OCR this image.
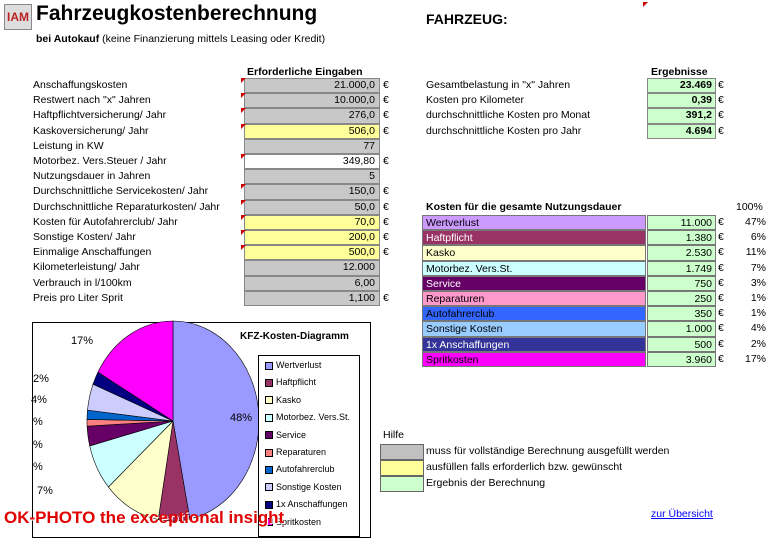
IAM Fahrzeugkostenberechnung
bei Autokauf (keine Finanzierung mittels Leasing oder Kredit)
FAHRZEUG:
Erforderliche Eingaben
Anschaffungskosten	21.000,0 €
Restwert nach "x" Jahren	10.000,0 €
Haftpflichtversicherung/ Jahr	276,0 €
Kaskoversicherung/ Jahr	506,0 €
Leistung in KW	77
Motorbez. Vers.Steuer / Jahr	349,80 €
Nutzungsdauer in Jahren	5
Durchschnittliche Servicekosten/ Jahr	150,0 €
Durchschnittliche Reparaturkosten/ Jahr	50,0 €
Kosten für Autofahrerclub/ Jahr	70,0 €
Sonstige Kosten/ Jahr	200,0 €
Einmalige Anschaffungen	500,0 €
Kilometerleistung/ Jahr	12.000
Verbrauch in l/100km	6,00
Preis pro Liter Sprit	1,100 €
Ergebnisse
Gesamtbelastung in "x" Jahren	23.469 €
Kosten pro Kilometer	0,39 €
durchschnittliche Kosten pro Monat	391,2 €
durchschnittliche Kosten pro Jahr	4.694 €
Kosten für die gesamte Nutzungsdauer	100%
Wertverlust	11.000 €	47%
Haftpflicht	1.380 €	6%
Kasko	2.530 €	11%
Motorbez. Vers.St.	1.749 €	7%
Service	750 €	3%
Reparaturen	250 €	1%
Autofahrerclub	350 €	1%
Sonstige Kosten	1.000 €	4%
1x Anschaffungen	500 €	2%
Spritkosten	3.960 €	17%
17%
2%
4%
%
%
%
7%
48%
KFZ-Kosten-Diagramm
Wertverlust
Haftpflicht
Kasko
Motorbez. Vers.St.
Service
Reparaturen
Autofahrerclub
Sonstige Kosten
1x Anschaffungen
Spritkosten
Hilfe
muss für vollständige Berechnung ausgefüllt werden
ausfüllen falls erforderlich bzw. gewünscht
Ergebnis der Berechnung
zur Übersicht
OK-PHOTO the exceptional insight
